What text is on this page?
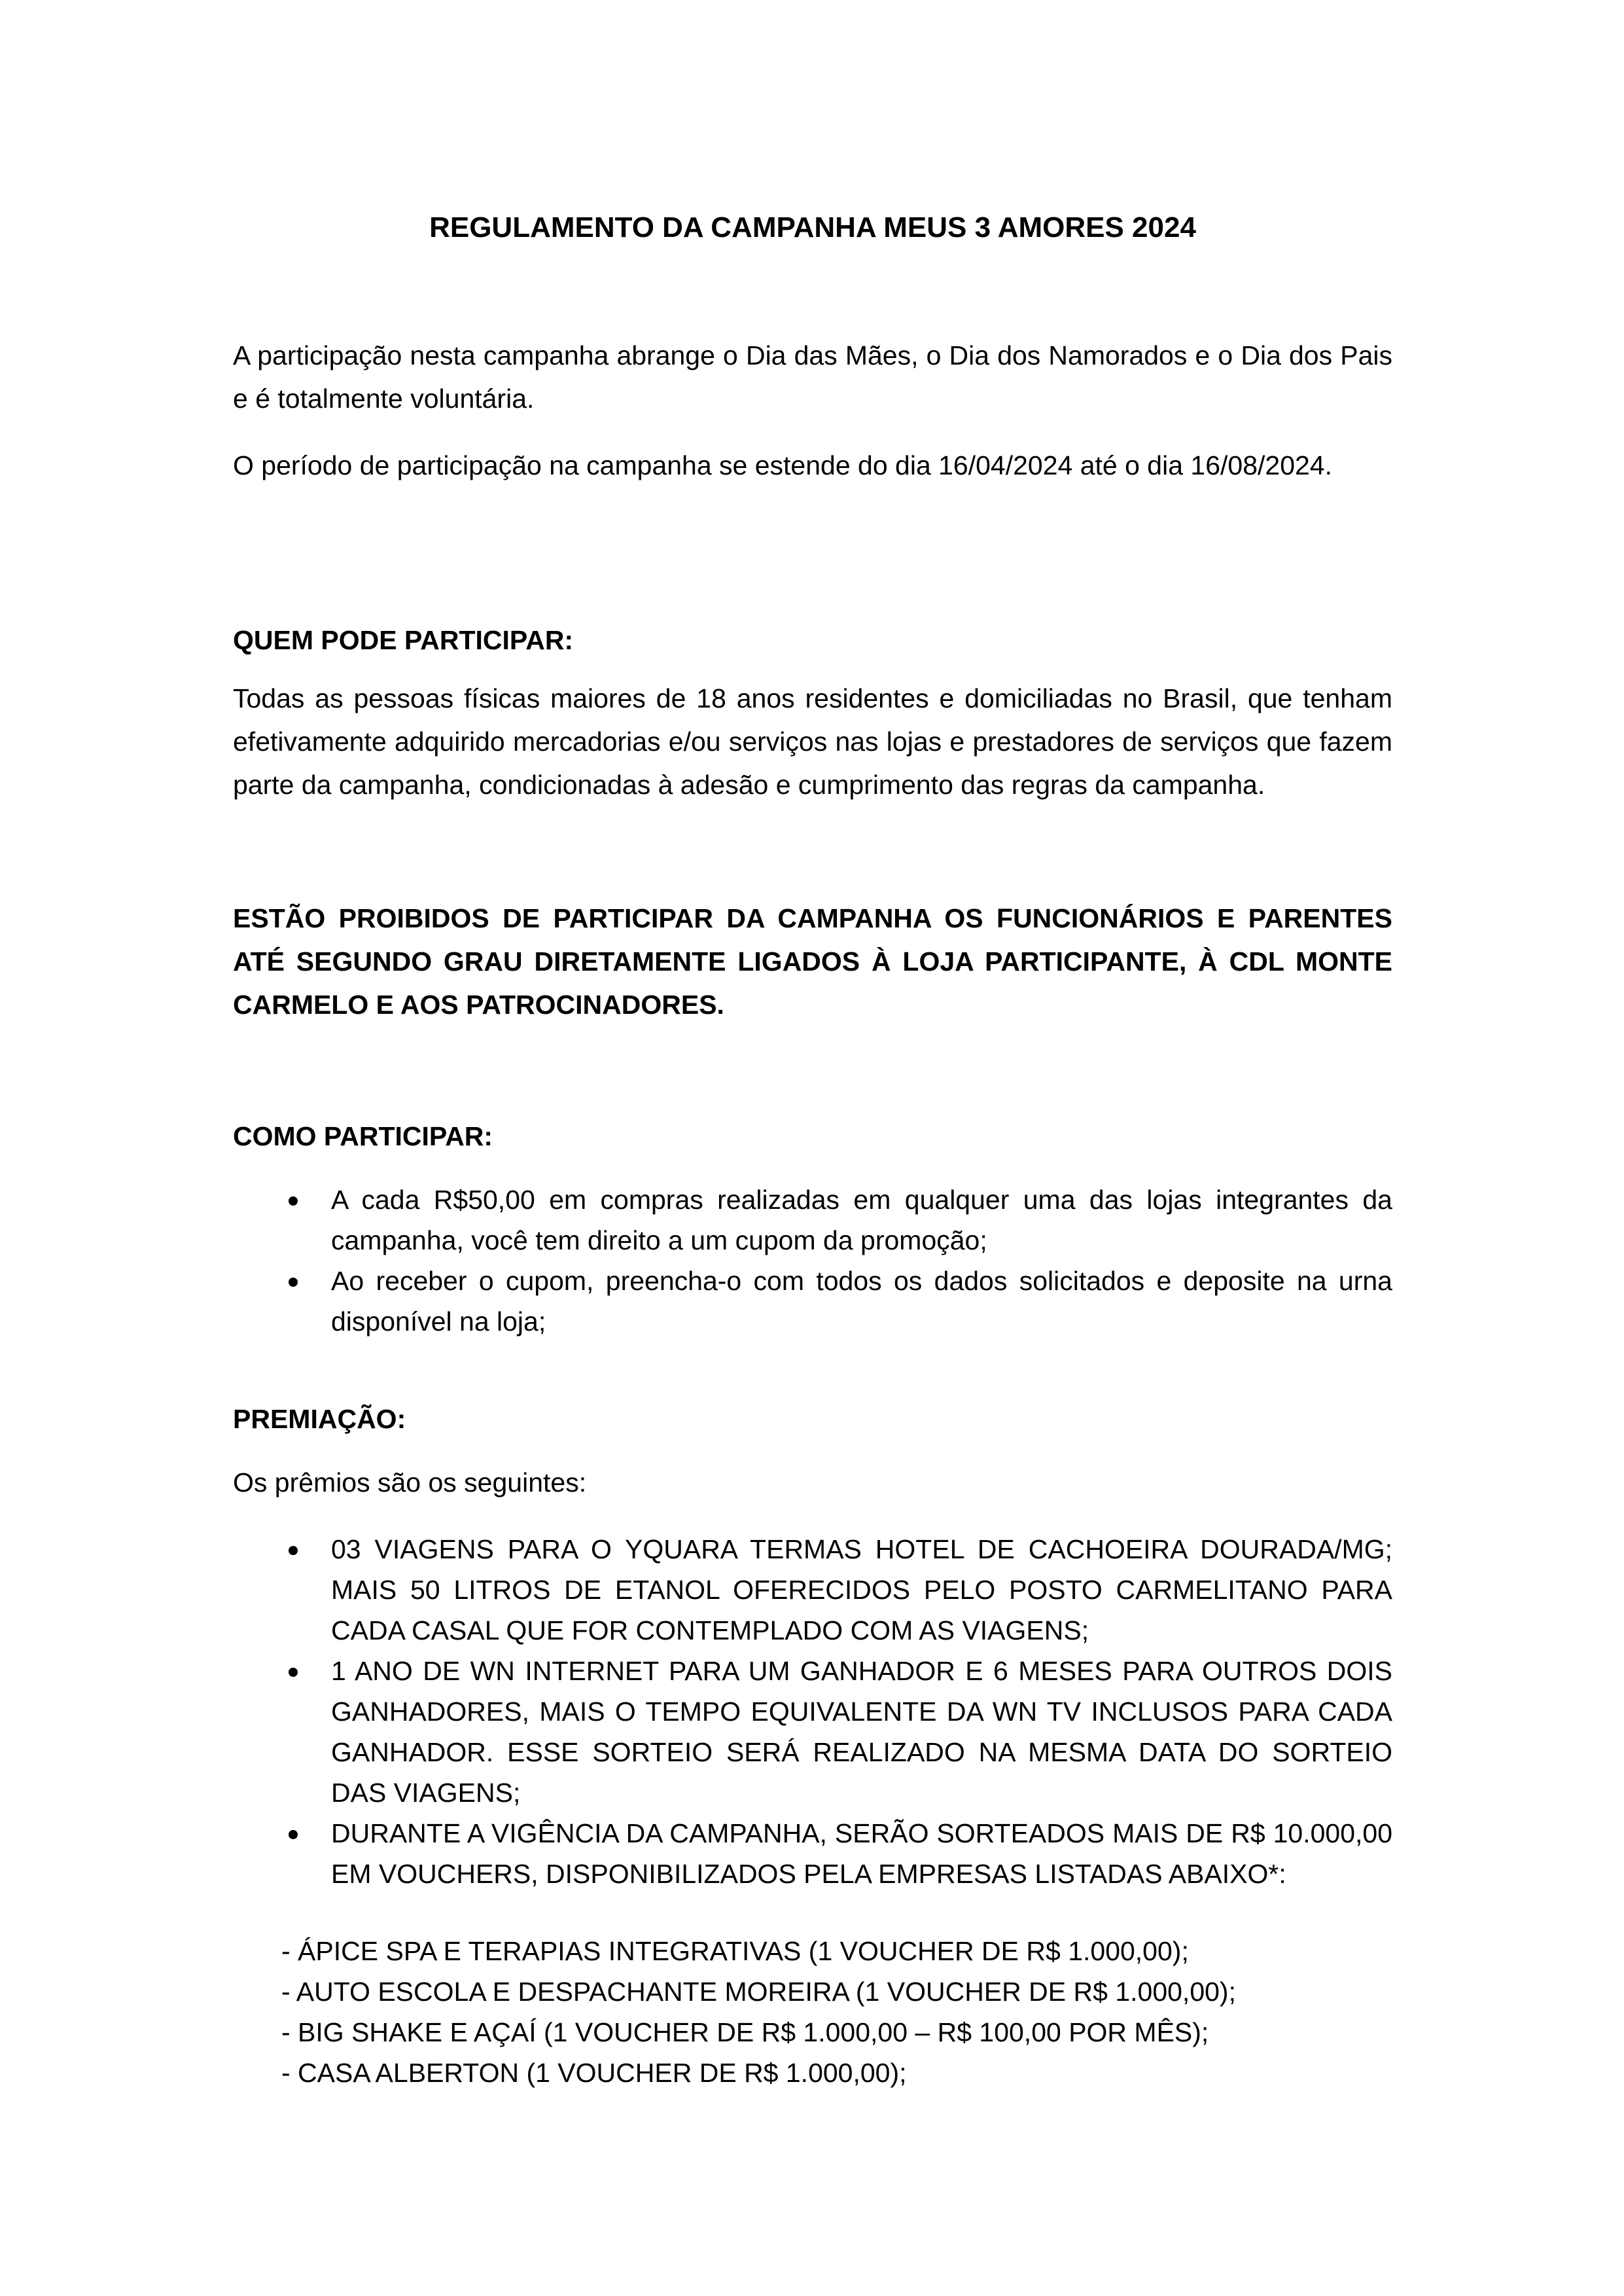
REGULAMENTO DA CAMPANHA MEUS 3 AMORES 2024

A participação nesta campanha abrange o Dia das Mães, o Dia dos Namorados e o Dia dos Pais e é totalmente voluntária.

O período de participação na campanha se estende do dia 16/04/2024 até o dia 16/08/2024.

QUEM PODE PARTICIPAR:

Todas as pessoas físicas maiores de 18 anos residentes e domiciliadas no Brasil, que tenham efetivamente adquirido mercadorias e/ou serviços nas lojas e prestadores de serviços que fazem parte da campanha, condicionadas à adesão e cumprimento das regras da campanha.

ESTÃO PROIBIDOS DE PARTICIPAR DA CAMPANHA OS FUNCIONÁRIOS E PARENTES ATÉ SEGUNDO GRAU DIRETAMENTE LIGADOS À LOJA PARTICIPANTE, À CDL MONTE CARMELO E AOS PATROCINADORES.

COMO PARTICIPAR:
A cada R$50,00 em compras realizadas em qualquer uma das lojas integrantes da campanha, você tem direito a um cupom da promoção;
Ao receber o cupom, preencha-o com todos os dados solicitados e deposite na urna disponível na loja;
PREMIAÇÃO:

Os prêmios são os seguintes:

03 VIAGENS PARA O YQUARA TERMAS HOTEL DE CACHOEIRA DOURADA/MG; MAIS 50 LITROS DE ETANOL OFERECIDOS PELO POSTO CARMELITANO PARA CADA CASAL QUE FOR CONTEMPLADO COM AS VIAGENS;
1 ANO DE WN INTERNET PARA UM GANHADOR E 6 MESES PARA OUTROS DOIS GANHADORES, MAIS O TEMPO EQUIVALENTE DA WN TV INCLUSOS PARA CADA GANHADOR. ESSE SORTEIO SERÁ REALIZADO NA MESMA DATA DO SORTEIO DAS VIAGENS;
DURANTE A VIGÊNCIA DA CAMPANHA, SERÃO SORTEADOS MAIS DE R$ 10.000,00 EM VOUCHERS, DISPONIBILIZADOS PELA EMPRESAS LISTADAS ABAIXO*:
- ÁPICE SPA E TERAPIAS INTEGRATIVAS (1 VOUCHER DE R$ 1.000,00);
- AUTO ESCOLA E DESPACHANTE MOREIRA (1 VOUCHER DE R$ 1.000,00);
- BIG SHAKE E AÇAÍ (1 VOUCHER DE R$ 1.000,00 – R$ 100,00 POR MÊS);
- CASA ALBERTON (1 VOUCHER DE R$ 1.000,00);
